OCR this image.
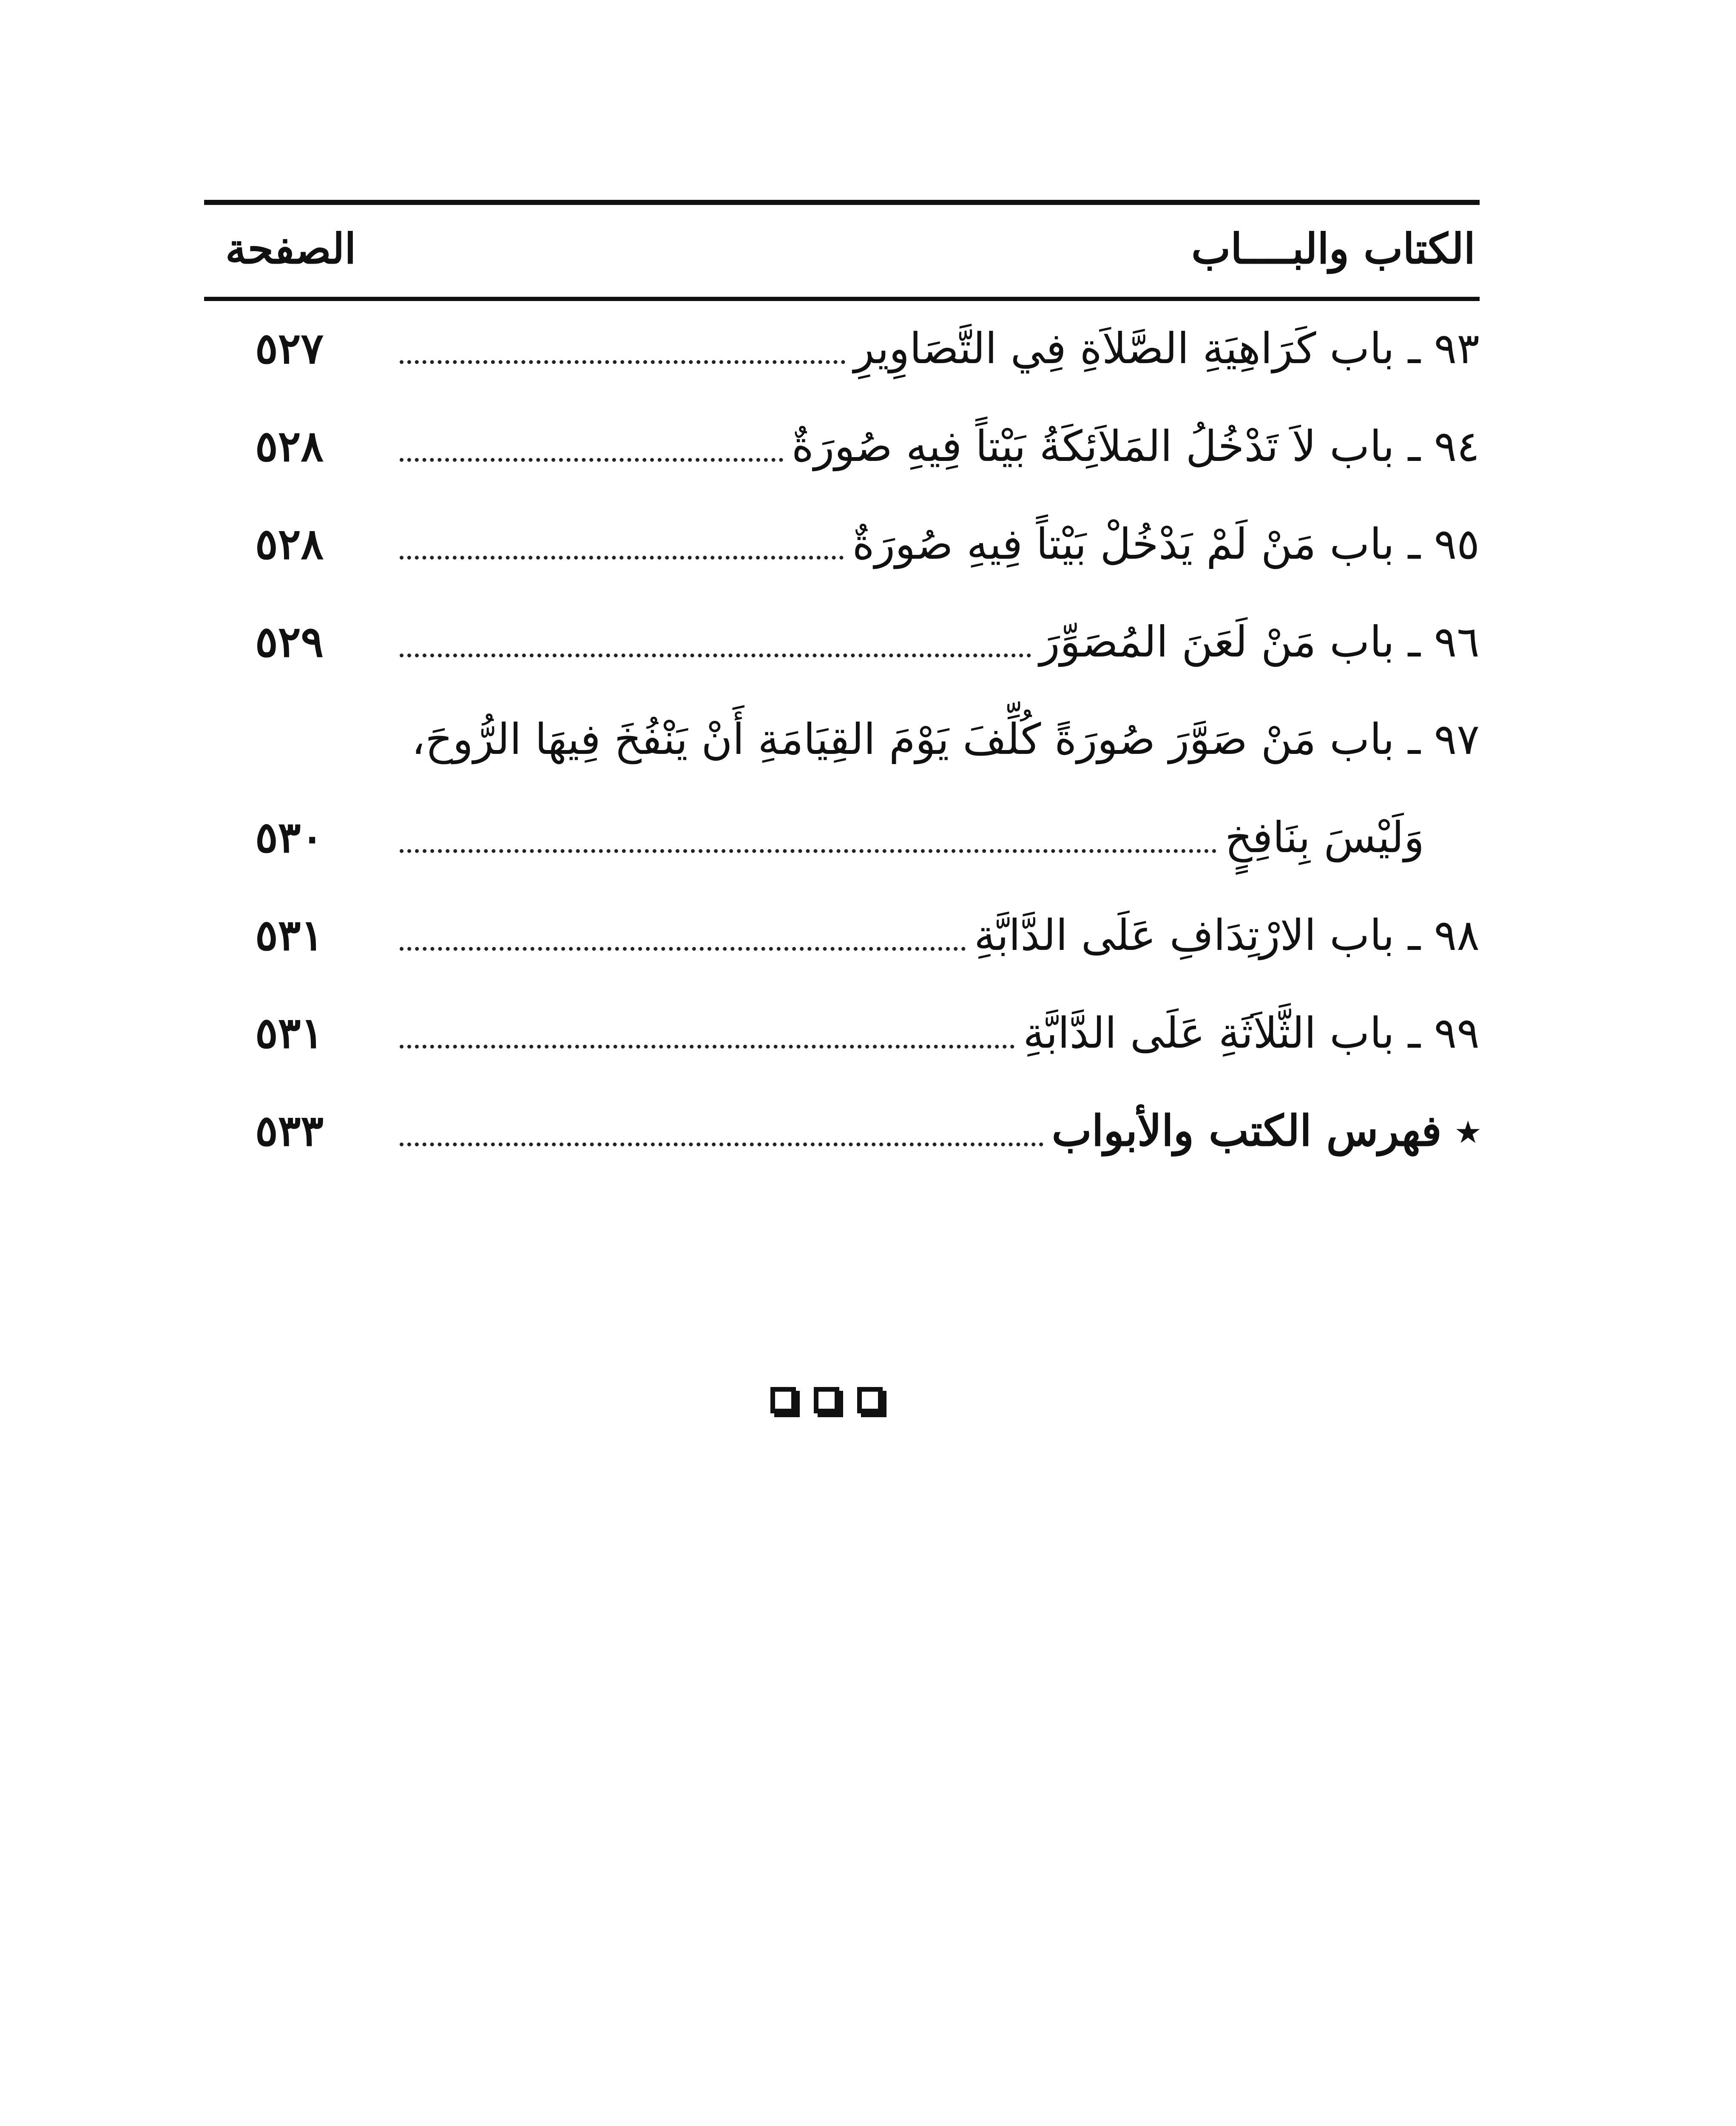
الكتاب والبــــاب
الصفحة
٩٣ ـ باب كَرَاهِيَةِ الصَّلاَةِ فِي التَّصَاوِيرِ
٥٢٧
٩٤ ـ باب لاَ تَدْخُلُ المَلاَئِكَةُ بَيْتاً فِيهِ صُورَةٌ
٥٢٨
٩٥ ـ باب مَنْ لَمْ يَدْخُلْ بَيْتاً فِيهِ صُورَةٌ
٥٢٨
٩٦ ـ باب مَنْ لَعَنَ المُصَوِّرَ
٥٢٩
٩٧ ـ باب مَنْ صَوَّرَ صُورَةً كُلِّفَ يَوْمَ القِيَامَةِ أَنْ يَنْفُخَ فِيهَا الرُّوحَ،
وَلَيْسَ بِنَافِخٍ
٥٣٠
٩٨ ـ باب الارْتِدَافِ عَلَى الدَّابَّةِ
٥٣١
٩٩ ـ باب الثَّلاَثَةِ عَلَى الدَّابَّةِ
٥٣١
٭ فهرس الكتب والأبواب
٥٣٣
